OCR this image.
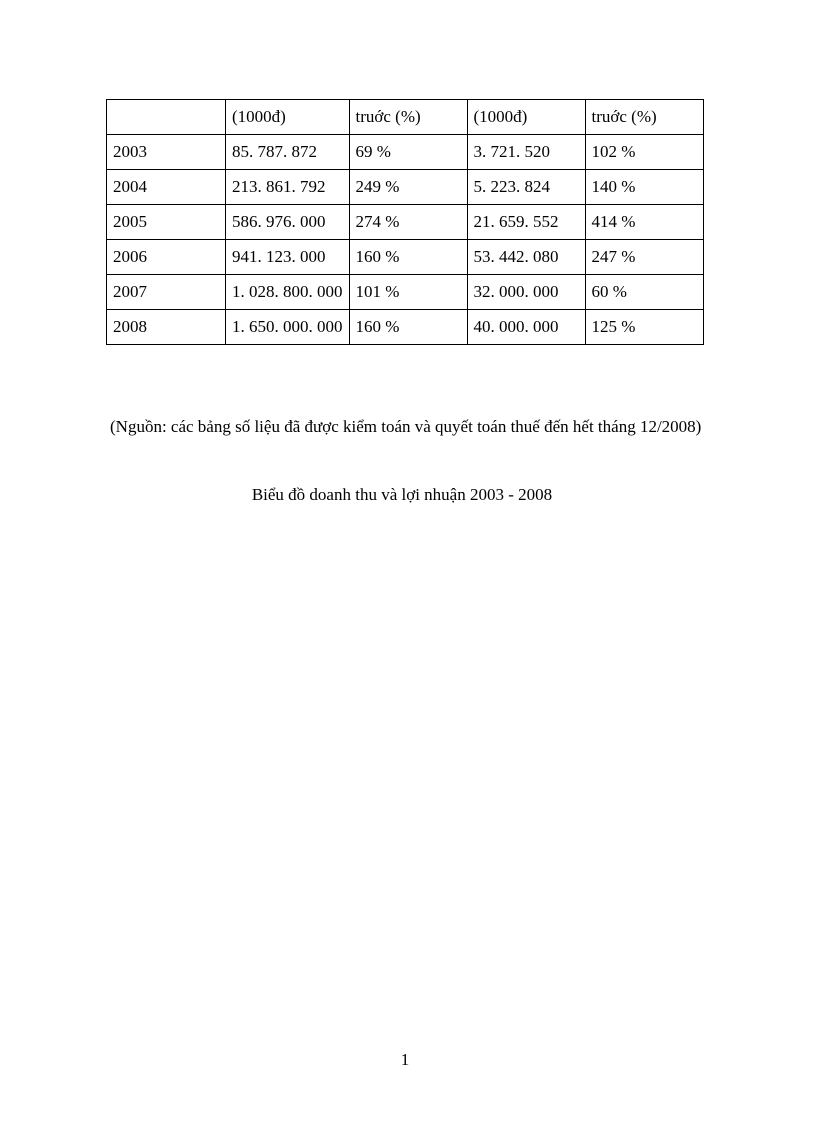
	(1000đ)	truớc (%)	(1000đ)	truớc (%)
2003	85. 787. 872	69 %	3. 721. 520	102 %
2004	213. 861. 792	249 %	5. 223. 824	140 %
2005	586. 976. 000	274 %	21. 659. 552	414 %
2006	941. 123. 000	160 %	53. 442. 080	247 %
2007	1. 028. 800. 000	101 %	32. 000. 000	60 %
2008	1. 650. 000. 000	160 %	40. 000. 000	125 %
(Nguồn: các bảng số liệu đã được kiểm toán và quyết toán thuế đến hết tháng 12/2008)
Biểu đồ doanh thu và lợi nhuận 2003 - 2008
1
